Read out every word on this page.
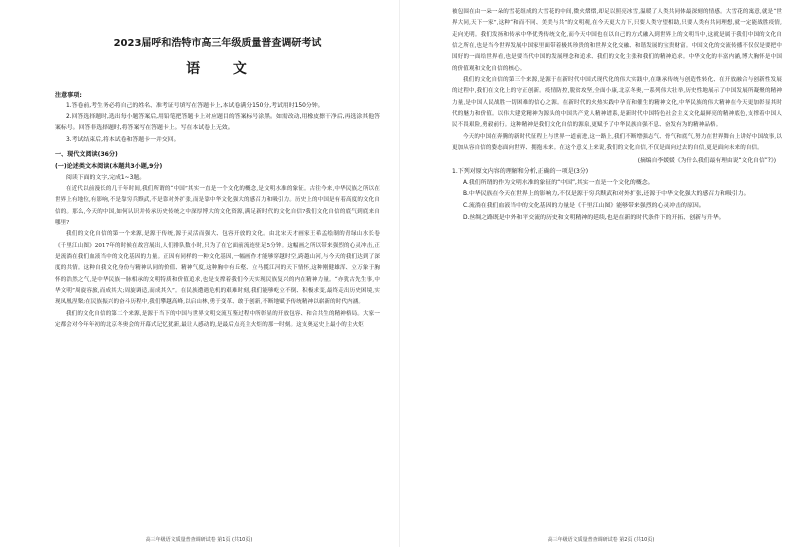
2023届呼和浩特市高三年级质量普查调研考试
语 文
注意事项:

1.答卷前,考生务必将自己的姓名、准考证号填写在答题卡上,本试卷满分150分,考试用时150分钟。

2.回答选择题时,选出每小题答案后,用铅笔把答题卡上对应题目的答案标号涂黑。如需改动,用橡皮擦干净后,再选涂其他答案标号。回答非选择题时,将答案写在答题卡上。写在本试卷上无效。

3.考试结束后,将本试卷和答题卡一并交回。

一、现代文阅读(36分)
(一)论述类文本阅读(本题共3小题,9分)

阅读下面的文字,完成1~3题。

在近代以前漫长的几千年时间,我们所谓的“中国”其实一直是一个文化的概念,是文明水准的象征。古往今来,中华民族之所以在世界上有地位,有影响,不是靠穷兵黩武,不是靠对外扩张,而是靠中华文化强大的感召力和吸引力。历史上的中国是有着高度的文化自信的。那么,今天的中国,如何认识并传承历史传统之中深厚博大的文化资源,满足新时代的文化自信?我们文化自信的底气到底来自哪里?

我们的文化自信的第一个来源,是源于传统,源于灵活而强大、包容开放的文化。由北宋天才画家王希孟绘制的青绿山水长卷《千里江山图》2017年的时候在故宫展出,人们排队数小时,只为了在它面前流连驻足5分钟。这幅画之所以带来强烈的心灵冲击,正是流淌在我们血液当中的文化基因的力量。正因有同样的一种文化基因,一幅画作才能够穿越时空,跨越山河,与今天的我们达到了深度的共情。这种自我文化身份与精神认同的价值、精神气度,这种胸中有丘壑、立马揽江河的天下情怀,这种刚健雄浑、立万象于胸怀的浩然之气,是中华民族一脉相承的文明特质和价值追求,也是支撑着我们今天实现民族复兴的内在精神力量。“亦犹古先生事,中华文明”周旋容旅,而成其大;周旋调适,而成其久”。在民族遭遇危机的艰难时刻,我们能够屹立不倒、积极求变,最终走出历史困境,实现凤凰涅槃;在民族振兴的奋斗历程中,我们攀越高峰,以启山林,勇于变革、敢于创新,不断地赋予传统精神以崭新的时代内涵。

我们的文化自信的第二个来源,是源于当下的中国与世界文明交流互鉴过程中所彰显的开放包容、和合共生的精神格局。大家一定都会对今年年初的北京冬奥会的开幕式记忆犹新,最让人感动的,是最后点亮主火炬的那一时刻。这支奥运史上最小的主火炬

高三年级语文质量普查调研试卷 第1页 (共10页)

被包围在由一朵一朵的雪花组成的大雪花的中间,微火熠熠,却足以照亮冰雪,温暖了人类共同体最深刻的情感。大雪花的寓意,就是“世界大同,天下一家”,这种“和而不同、美美与共”的文明观,在今天更大力下,只要人类守望相助,只要人类有共同理想,就一定能战胜疫情,走向光明。我们发扬和传承中华优秀传统文化,而今天中国也在以自己的方式融入到世界上的文明当中,这就是属于我们中国的文化自信之所在,也是当今世界发展中国家里面带着极其珍贵的和世界文化交融、和谐发展的宝贵财富。中国文化的交流传播不仅仅是要把中国好的一面给世界看,也是要当代中国的发展理念和追求、我们的文化主张和我们的精神追求。中华文化的丰富内涵,博大胸怀是中国的价值观和文化自信的核心。

我们的文化自信的第三个来源,是源于在新时代中国式现代化的伟大实践中,在继承传统与创造性转化、在开放融合与创新性发展的过程中,我们在文化上的守正创新。疫情防控,脱贫攻坚,全面小康,北京冬奥,一系列伟大壮举,历史性地展示了中国发展所凝聚的精神力量,是中国人民战胜一切困难的信心之源。在新时代的火热实践中孕育和催生的精神文化,中华民族的伟大精神在今天更加彰显其时代的魅力和价值。以伟大建党精神为源头的中国共产党人精神谱系,是新时代中国特色社会主义文化最鲜亮的精神底色,支撑着中国人民不畏艰险,勇毅前行。这种精神是我们文化自信的源泉,更赋予了中华民族自强不息、奋发有为的精神品格。

今天的中国在奔腾的新时代征程上与世界一道前进,这一路上,我们不断增强志气、骨气和底气,努力在世界舞台上讲好中国故事,以更加从容自信的姿态面向世界、拥抱未来。在这个意义上来说,我们的文化自信,不仅是面向过去的自信,更是面向未来的自信。

(摘编自李媛媛《为什么我们最有理由说“文化自信”?》)

1.下列对原文内容的理解和分析,正确的一项是(3分)

A.我们所谓的作为文明水准的象征的“中国”,其实一直是一个文化的概念。

B.中华民族在今天在世界上的影响力,不仅是源于穷兵黩武和对外扩张,还源于中华文化强大的感召力和吸引力。

C.流淌在我们血液当中的文化基因的力量是《千里江山图》能够带来强烈的心灵冲击的原因。

D.丝绸之路既是中外和平交流的历史和文明精神的延续,也是在新的时代条件下的开拓、创新与升华。

高三年级语文质量普查调研试卷 第2页 (共10页)
